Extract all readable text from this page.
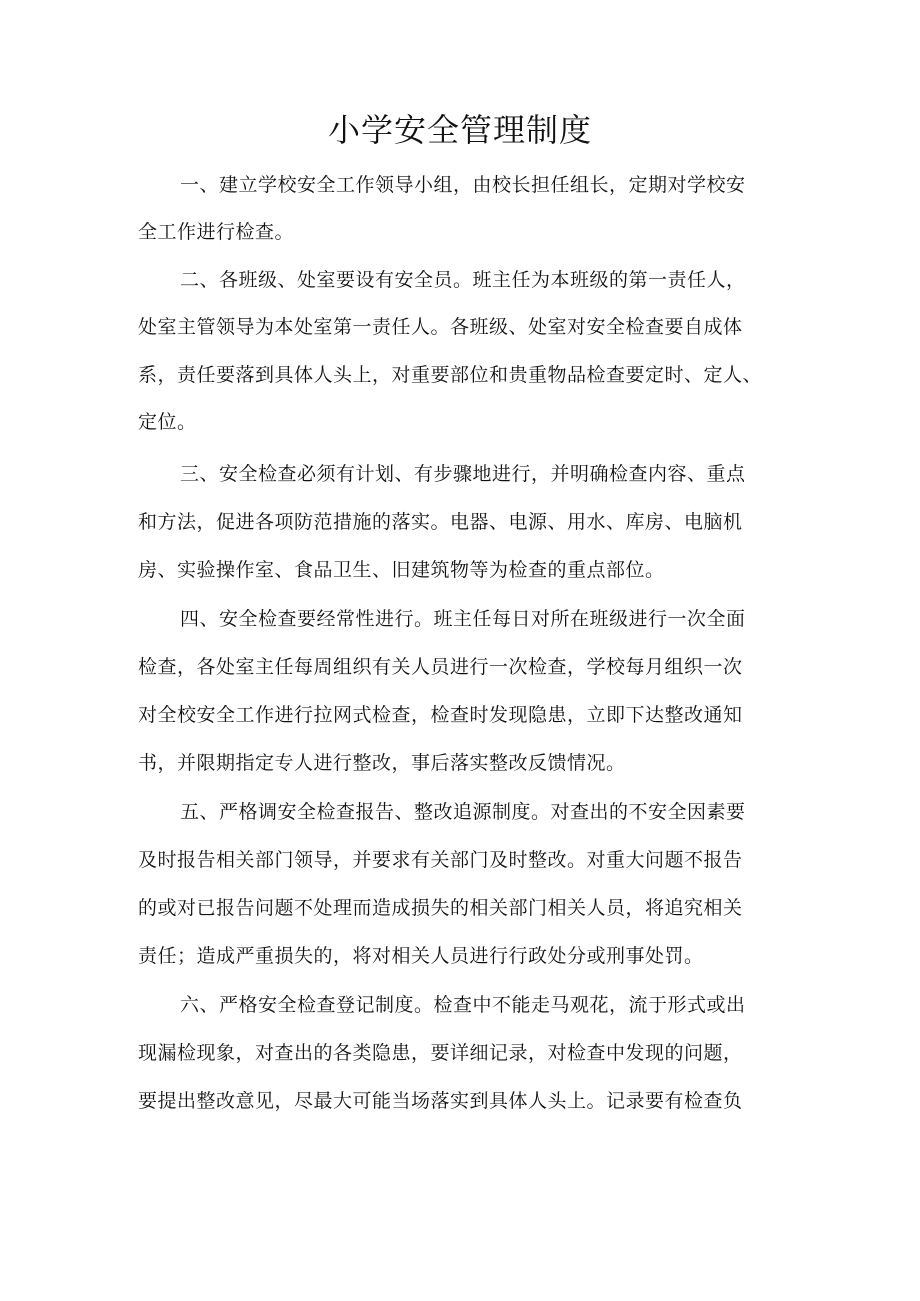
小学安全管理制度
一、建立学校安全工作领导小组，由校长担任组长，定期对学校安
全工作进行检查。
二、各班级、处室要设有安全员。班主任为本班级的第一责任人，
处室主管领导为本处室第一责任人。各班级、处室对安全检查要自成体
系，责任要落到具体人头上，对重要部位和贵重物品检查要定时、定人、
定位。
三、安全检查必须有计划、有步骤地进行，并明确检查内容、重点
和方法，促进各项防范措施的落实。电器、电源、用水、库房、电脑机
房、实验操作室、食品卫生、旧建筑物等为检查的重点部位。
四、安全检查要经常性进行。班主任每日对所在班级进行一次全面
检查，各处室主任每周组织有关人员进行一次检查，学校每月组织一次
对全校安全工作进行拉网式检查，检查时发现隐患，立即下达整改通知
书，并限期指定专人进行整改，事后落实整改反馈情况。
五、严格调安全检查报告、整改追源制度。对查出的不安全因素要
及时报告相关部门领导，并要求有关部门及时整改。对重大问题不报告
的或对已报告问题不处理而造成损失的相关部门相关人员，将追究相关
责任；造成严重损失的，将对相关人员进行行政处分或刑事处罚。
六、严格安全检查登记制度。检查中不能走马观花，流于形式或出
现漏检现象，对查出的各类隐患，要详细记录，对检查中发现的问题，
要提出整改意见，尽最大可能当场落实到具体人头上。记录要有检查负
